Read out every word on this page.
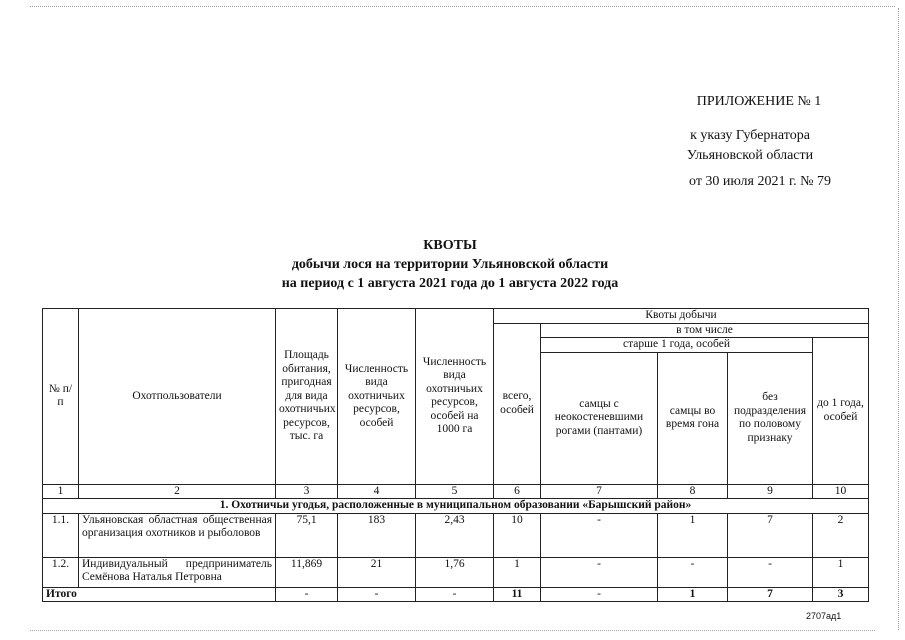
ПРИЛОЖЕНИЕ № 1
к указу Губернатора
Ульяновской области
от 30 июля 2021 г. № 79
КВОТЫ
добычи лося на территории Ульяновской области
на период с 1 августа 2021 года до 1 августа 2022 года
№ п/п	Охотпользователи	Площадь обитания, пригодная для вида охотничьих ресурсов, тыс. га	Численность вида охотничьих ресурсов, особей	Численность вида охотничьих ресурсов, особей на 1000 га	Квоты добычи				
					всего, особей	в том числе			
						старше 1 года, особей			до 1 года, особей
						самцы с неокостеневшими рогами (пантами)	самцы во время гона	без подразделения по половому признаку	
1	2	3	4	5	6	7	8	9	10
1. Охотничьи угодья, расположенные в муниципальном образовании «Барышский район»									
1.1.	Ульяновская областная общественная организация охотников и рыболовов	75,1	183	2,43	10	-	1	7	2
1.2.	Индивидуальный предприниматель Семёнова Наталья Петровна	11,869	21	1,76	1	-	-	-	1
Итого		-	-	-	11	-	1	7	3
2707ад1
